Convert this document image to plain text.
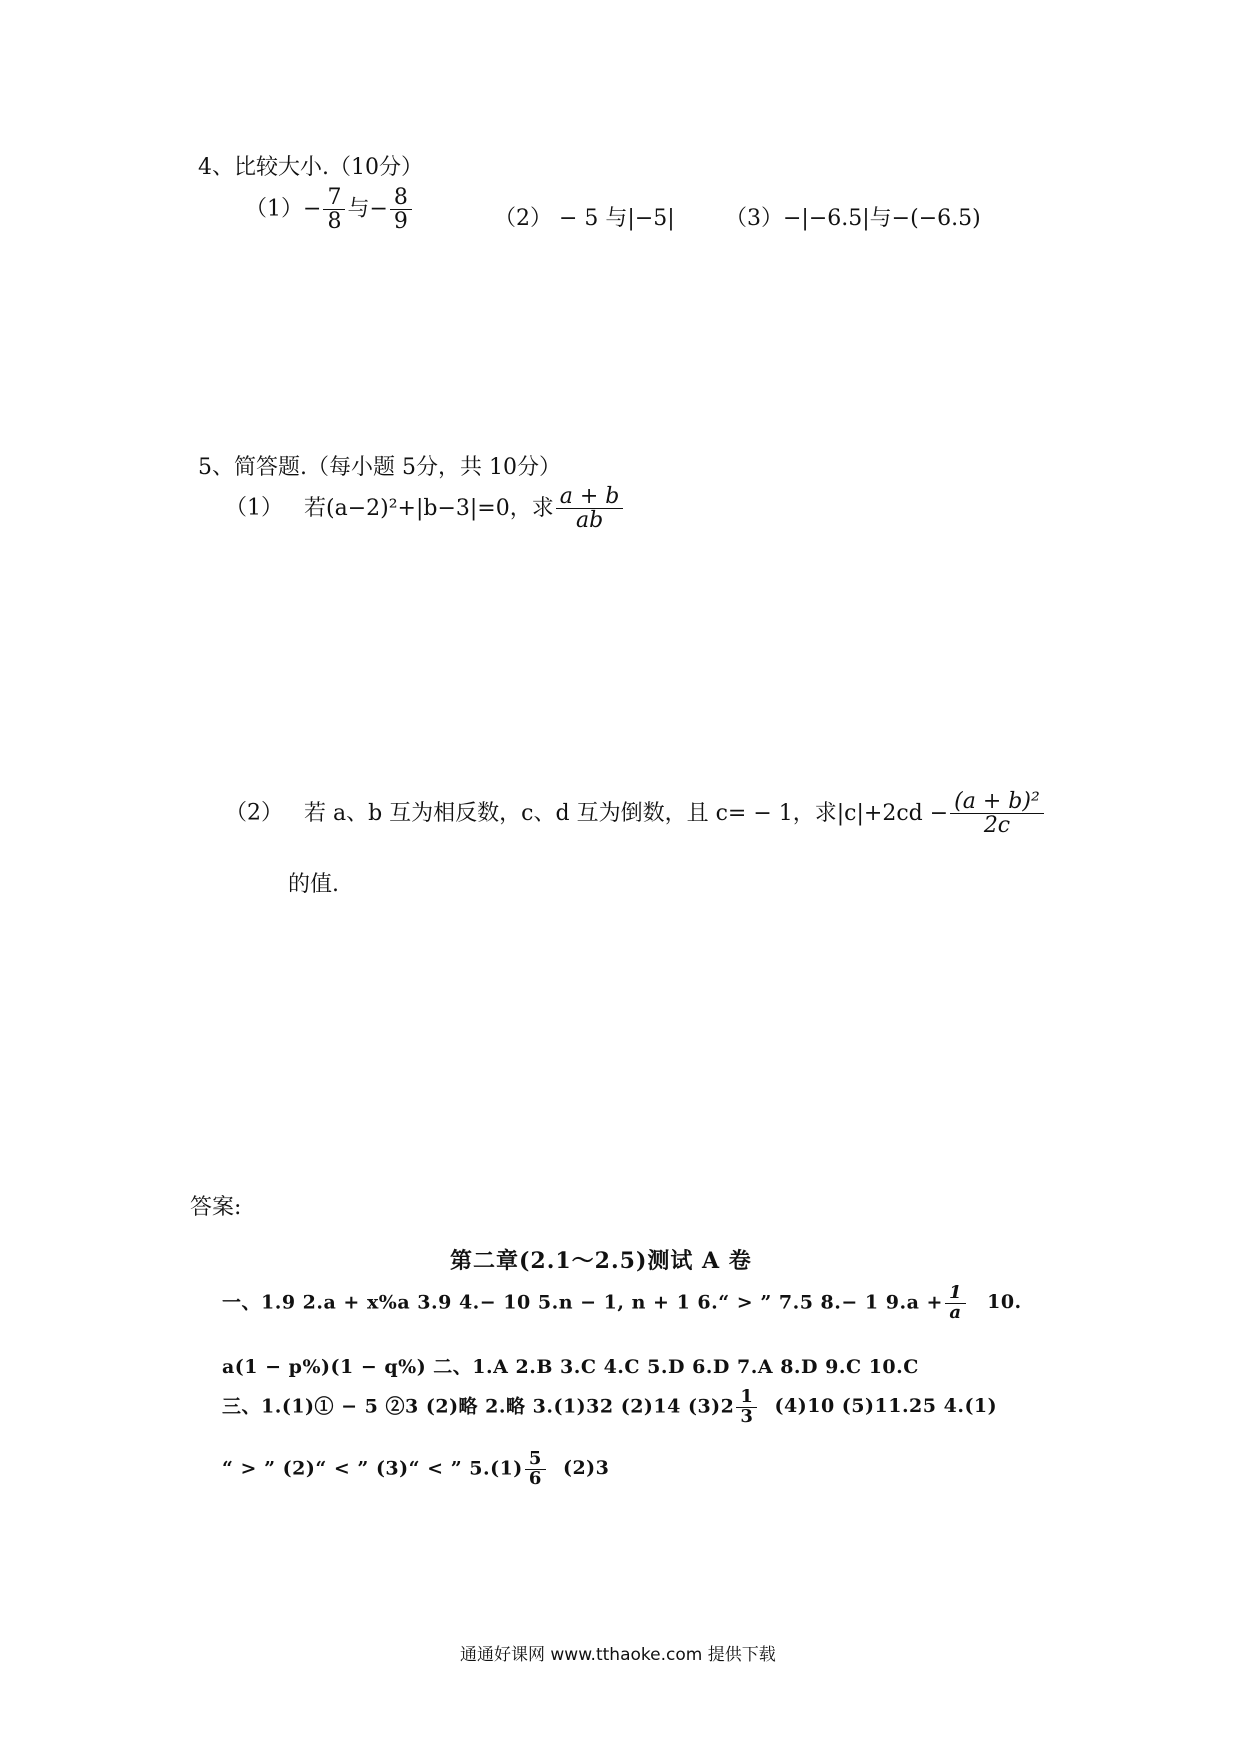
4、比较大小.（10分）
$(1)- \frac{7}{8}$ 与− $\frac{8}{9}$	（2） − 5 与|−5| （3）−|−6.5|与−(−6.5)
5、简答题.（每小题 5分，共 10分）
（1） 若(a−2)²+|b−3|=0，求 $\frac{a + b}{ab}$
（2） 若 a、b 互为相反数，c、d 互为倒数，且 c= − 1，求$|c|+2cd - \frac{\text{(a + b)²}}{2c}$
的值.
答案:
第二章(2.1～2.5)测试 A 卷
一、1.9 2.a + x%a 3.9 4.− 10 5.n − 1, n + 1 6.“ > ” 7.5 8.− 1 $9.a + \frac{1}{a} 10$.
a(1 − p%)(1 − q%) 二、1.A 2.B 3.C 4.C 5.D 6.D 7.A 8.D 9.C 10.C
三、1.(1)① − 5 ②3 (2)略 2.略 3.(1)32 (2)14 $(3)2 \frac{1}{3} (4)10$ (5)11.25 4.(1)
“ > ” (2)“ < ” (3)“ < ” $5.(1) \frac{5}{6} (2)3$
通通好课网 www.tthaoke.com 提供下载
